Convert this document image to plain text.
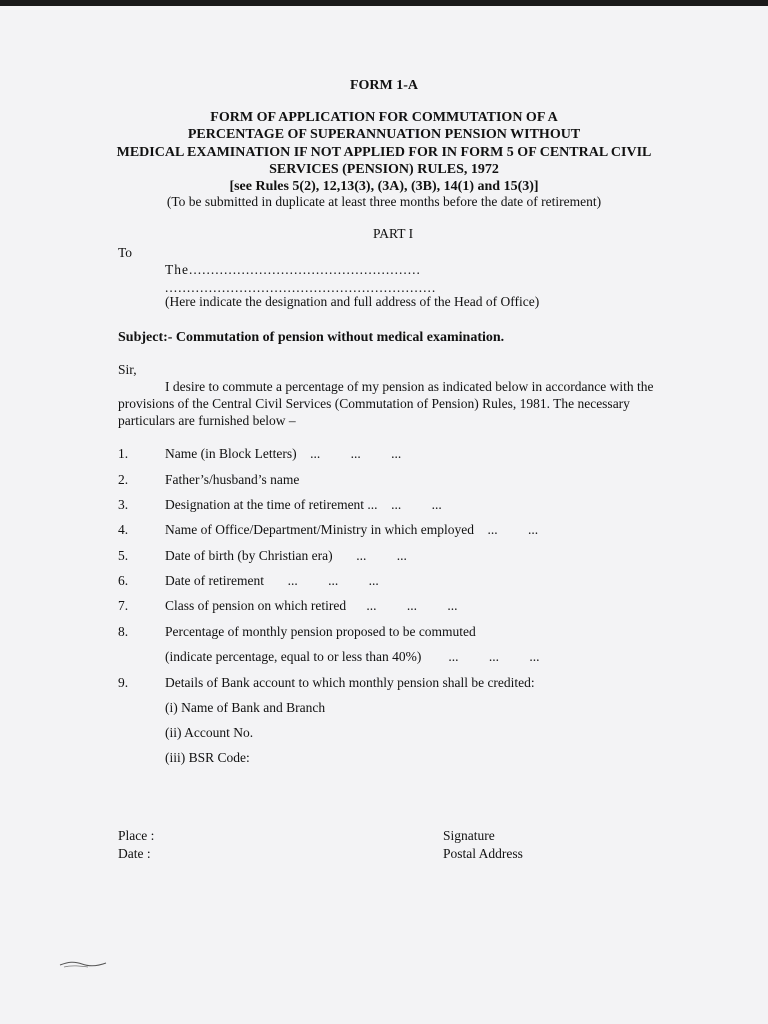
FORM 1-A
FORM OF APPLICATION FOR COMMUTATION OF A
PERCENTAGE OF SUPERANNUATION PENSION WITHOUT
MEDICAL EXAMINATION IF NOT APPLIED FOR IN FORM 5 OF CENTRAL CIVIL
SERVICES (PENSION) RULES, 1972
[see Rules 5(2), 12,13(3), (3A), (3B), 14(1) and 15(3)]
(To be submitted in duplicate at least three months before the date of retirement)
PART I
To
The.....................................................
..............................................................
(Here indicate the designation and full address of the Head of Office)
Subject:- Commutation of pension without medical examination.
Sir,
I desire to commute a percentage of my pension as indicated below in accordance with the
provisions of the Central Civil Services (Commutation of Pension) Rules, 1981. The necessary
particulars are furnished below –
1.	Name (in Block Letters) ...         ...         ...
2.	Father’s/husband’s name
3.	Designation at the time of retirement ... ...         ...
4.	Name of Office/Department/Ministry in which employed ...         ...
5.	Date of birth (by Christian era) ...         ...
6.	Date of retirement ...         ...         ...
7.	Class of pension on which retired ...         ...         ...
8.	Percentage of monthly pension proposed to be commuted
(indicate percentage, equal to or less than 40%) ...         ...         ...
9.	Details of Bank account to which monthly pension shall be credited:
(i) Name of Bank and Branch
(ii) Account No.
(iii) BSR Code:
Place :
Date :
Signature
Postal Address
